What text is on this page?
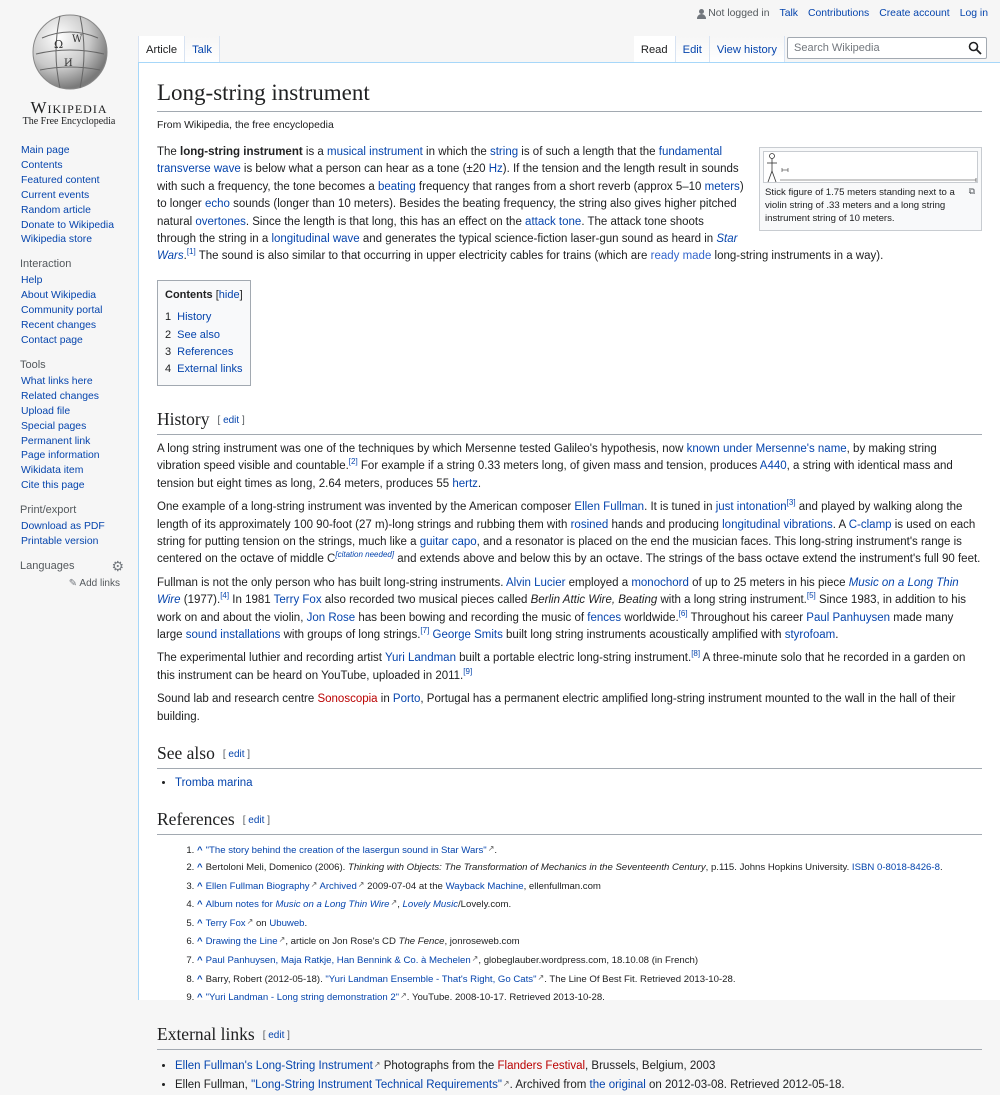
Ω W
И
Wikipedia
The Free Encyclopedia
Not logged in Talk Contributions Create account Log in
Article	Talk	Read	Edit	View history	Search Wikipedia
Main page
Contents
Featured content
Current events
Random article
Donate to Wikipedia
Wikipedia store
Interaction
Help
About Wikipedia
Community portal
Recent changes
Contact page
Tools
What links here
Related changes
Upload file
Special pages
Permanent link
Page information
Wikidata item
Cite this page
Print/export
Download as PDF
Printable version
Languages	⚙
✎ Add links
Long-string instrument
From Wikipedia, the free encyclopedia
⧉
Stick figure of 1.75 meters standing next to a violin string of .33 meters and a long string instrument string of 10 meters.

The long-string instrument is a musical instrument in which the string is of such a length that the fundamental transverse wave is below what a person can hear as a tone (±20 Hz). If the tension and the length result in sounds with such a frequency, the tone becomes a beating frequency that ranges from a short reverb (approx 5–10 meters) to longer echo sounds (longer than 10 meters). Besides the beating frequency, the string also gives higher pitched natural overtones. Since the length is that long, this has an effect on the attack tone. The attack tone shoots through the string in a longitudinal wave and generates the typical science-fiction laser-gun sound as heard in Star Wars.[1] The sound is also similar to that occurring in upper electricity cables for trains (which are ready made long-string instruments in a way).

Contents [hide]
1 History
2 See also
3 References
4 External links
History [ edit ]

A long string instrument was one of the techniques by which Mersenne tested Galileo's hypothesis, now known under Mersenne's name, by making string vibration speed visible and countable.[2] For example if a string 0.33 meters long, of given mass and tension, produces A440, a string with identical mass and tension but eight times as long, 2.64 meters, produces 55 hertz.

One example of a long-string instrument was invented by the American composer Ellen Fullman. It is tuned in just intonation[3] and played by walking along the length of its approximately 100 90-foot (27 m)-long strings and rubbing them with rosined hands and producing longitudinal vibrations. A C-clamp is used on each string for putting tension on the strings, much like a guitar capo, and a resonator is placed on the end the musician faces. This long-string instrument's range is centered on the octave of middle C[citation needed] and extends above and below this by an octave. The strings of the bass octave extend the instrument's full 90 feet.

Fullman is not the only person who has built long-string instruments. Alvin Lucier employed a monochord of up to 25 meters in his piece Music on a Long Thin Wire (1977).[4] In 1981 Terry Fox also recorded two musical pieces called Berlin Attic Wire, Beating with a long string instrument.[5] Since 1983, in addition to his work on and about the violin, Jon Rose has been bowing and recording the music of fences worldwide.[6] Throughout his career Paul Panhuysen made many large sound installations with groups of long strings.[7] George Smits built long string instruments acoustically amplified with styrofoam.

The experimental luthier and recording artist Yuri Landman built a portable electric long-string instrument.[8] A three-minute solo that he recorded in a garden on this instrument can be heard on YouTube, uploaded in 2011.[9]

Sound lab and research centre Sonoscopia in Porto, Portugal has a permanent electric amplified long-string instrument mounted to the wall in the hall of their building.

See also [ edit ]
• Tromba marina
References [ edit ]
1. ^ "The story behind the creation of the lasergun sound in Star Wars" ↗ .
2. ^ Bertoloni Meli, Domenico (2006). Thinking with Objects: The Transformation of Mechanics in the Seventeenth Century, p.115. Johns Hopkins University. ISBN 0-8018-8426-8.
3. ^ Ellen Fullman Biography ↗ Archived ↗ 2009-07-04 at the Wayback Machine, ellenfullman.com
4. ^ Album notes for Music on a Long Thin Wire ↗ , Lovely Music/Lovely.com.
5. ^ Terry Fox ↗ on Ubuweb.
6. ^ Drawing the Line ↗ , article on Jon Rose's CD The Fence, jonroseweb.com
7. ^ Paul Panhuysen, Maja Ratkje, Han Bennink & Co. à Mechelen ↗ , globeglauber.wordpress.com, 18.10.08 (in French)
8. ^ Barry, Robert (2012-05-18). "Yuri Landman Ensemble - That's Right, Go Cats" ↗ . The Line Of Best Fit. Retrieved 2013-10-28.
9. ^ "Yuri Landman - Long string demonstration 2" ↗ . YouTube. 2008-10-17. Retrieved 2013-10-28.
External links [ edit ]
• Ellen Fullman's Long-String Instrument ↗ Photographs from the Flanders Festival, Brussels, Belgium, 2003
• Ellen Fullman, "Long-String Instrument Technical Requirements" ↗ . Archived from the original on 2012-03-08. Retrieved 2012-05-18.
